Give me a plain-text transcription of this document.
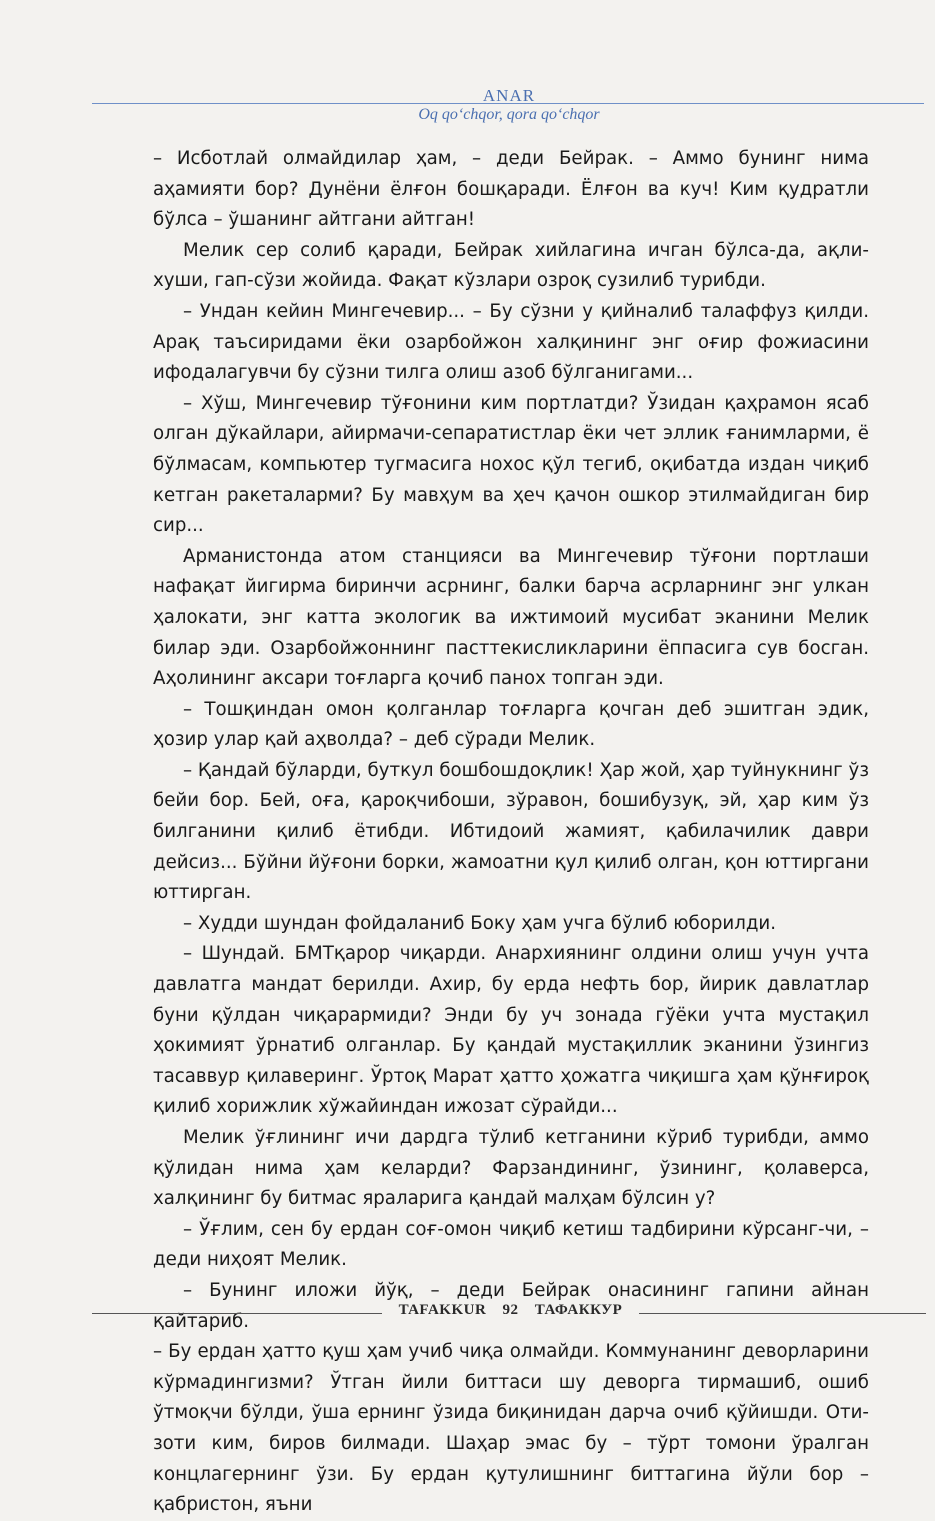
ANAR
Oq qoʻchqor, qora qoʻchqor

– Исботлай олмайдилар ҳам, – деди Бейрак. – Аммо бунинг нима аҳамияти бор? Дунёни ёлғон бошқаради. Ёлғон ва куч! Ким қудратли бўлса – ўшанинг айтгани айтган!

Мелик сер солиб қаради, Бейрак хийлагина ичган бўлса-да, ақли-хуши, гап-сўзи жойида. Фақат кўзлари озроқ сузилиб турибди.

– Ундан кейин Мингечевир... – Бу сўзни у қийналиб талаффуз қилди. Арақ таъсиридами ёки озарбойжон халқининг энг оғир фожиасини ифодалагувчи бу сўзни тилга олиш азоб бўлганигами...

– Хўш, Мингечевир тўғонини ким портлатди? Ўзидан қаҳрамон ясаб олган дўкайлари, айирмачи-сепаратистлар ёки чет эллик ғанимларми, ё бўлмасам, компьютер тугмасига нохос қўл тегиб, оқибатда издан чиқиб кетган ракеталарми? Бу мавҳум ва ҳеч қачон ошкор этилмайдиган бир сир...

Арманистонда атом станцияси ва Мингечевир тўғони портлаши нафақат йигирма биринчи асрнинг, балки барча асрларнинг энг улкан ҳалокати, энг катта экологик ва ижтимоий мусибат эканини Мелик билар эди. Озарбойжоннинг пасттекисликларини ёппасига сув босган. Аҳолининг аксари тоғларга қочиб панох топган эди.

– Тошқиндан омон қолганлар тоғларга қочган деб эшитган эдик, ҳозир улар қай аҳволда? – деб сўради Мелик.

– Қандай бўларди, буткул бошбошдоқлик! Ҳар жой, ҳар туйнукнинг ўз бейи бор. Бей, оға, қароқчибоши, зўравон, бошибузуқ, эй, ҳар ким ўз билганини қилиб ётибди. Ибтидоий жамият, қабилачилик даври дейсиз... Бўйни йўғони борки, жамоатни қул қилиб олган, қон юттиргани юттирган.

– Худди шундан фойдаланиб Боку ҳам учга бўлиб юборилди.

– Шундай. БМТқарор чиқарди. Анархиянинг олдини олиш учун учта давлатга мандат берилди. Ахир, бу ерда нефть бор, йирик давлатлар буни қўлдан чиқарармиди? Энди бу уч зонада гўёки учта мустақил ҳокимият ўрнатиб олганлар. Бу қандай мустақиллик эканини ўзингиз тасаввур қилаверинг. Ўртоқ Марат ҳатто ҳожатга чиқишга ҳам қўнғироқ қилиб хорижлик хўжайиндан ижозат сўрайди...

Мелик ўғлининг ичи дардга тўлиб кетганини кўриб турибди, аммо қўлидан нима ҳам келарди? Фарзандининг, ўзининг, қолаверса, халқининг бу битмас яраларига қандай малҳам бўлсин у?

– Ўғлим, сен бу ердан соғ-омон чиқиб кетиш тадбирини кўрсанг-чи, – деди ниҳоят Мелик.

– Бунинг иложи йўқ, – деди Бейрак онасининг гапини айнан қайтариб.

– Бу ердан ҳатто қуш ҳам учиб чиқа олмайди. Коммунанинг деворларини кўрмадингизми? Ўтган йили биттаси шу деворга тирмашиб, ошиб ўтмоқчи бўлди, ўша ернинг ўзида биқинидан дарча очиб қўйишди. Оти-зоти ким, биров билмади. Шаҳар эмас бу – тўрт томони ўралган концлагернинг ўзи. Бу ердан қутулишнинг биттагина йўли бор – қабристон, яъни

TAFAKKUR 92 ТАФАККУР
